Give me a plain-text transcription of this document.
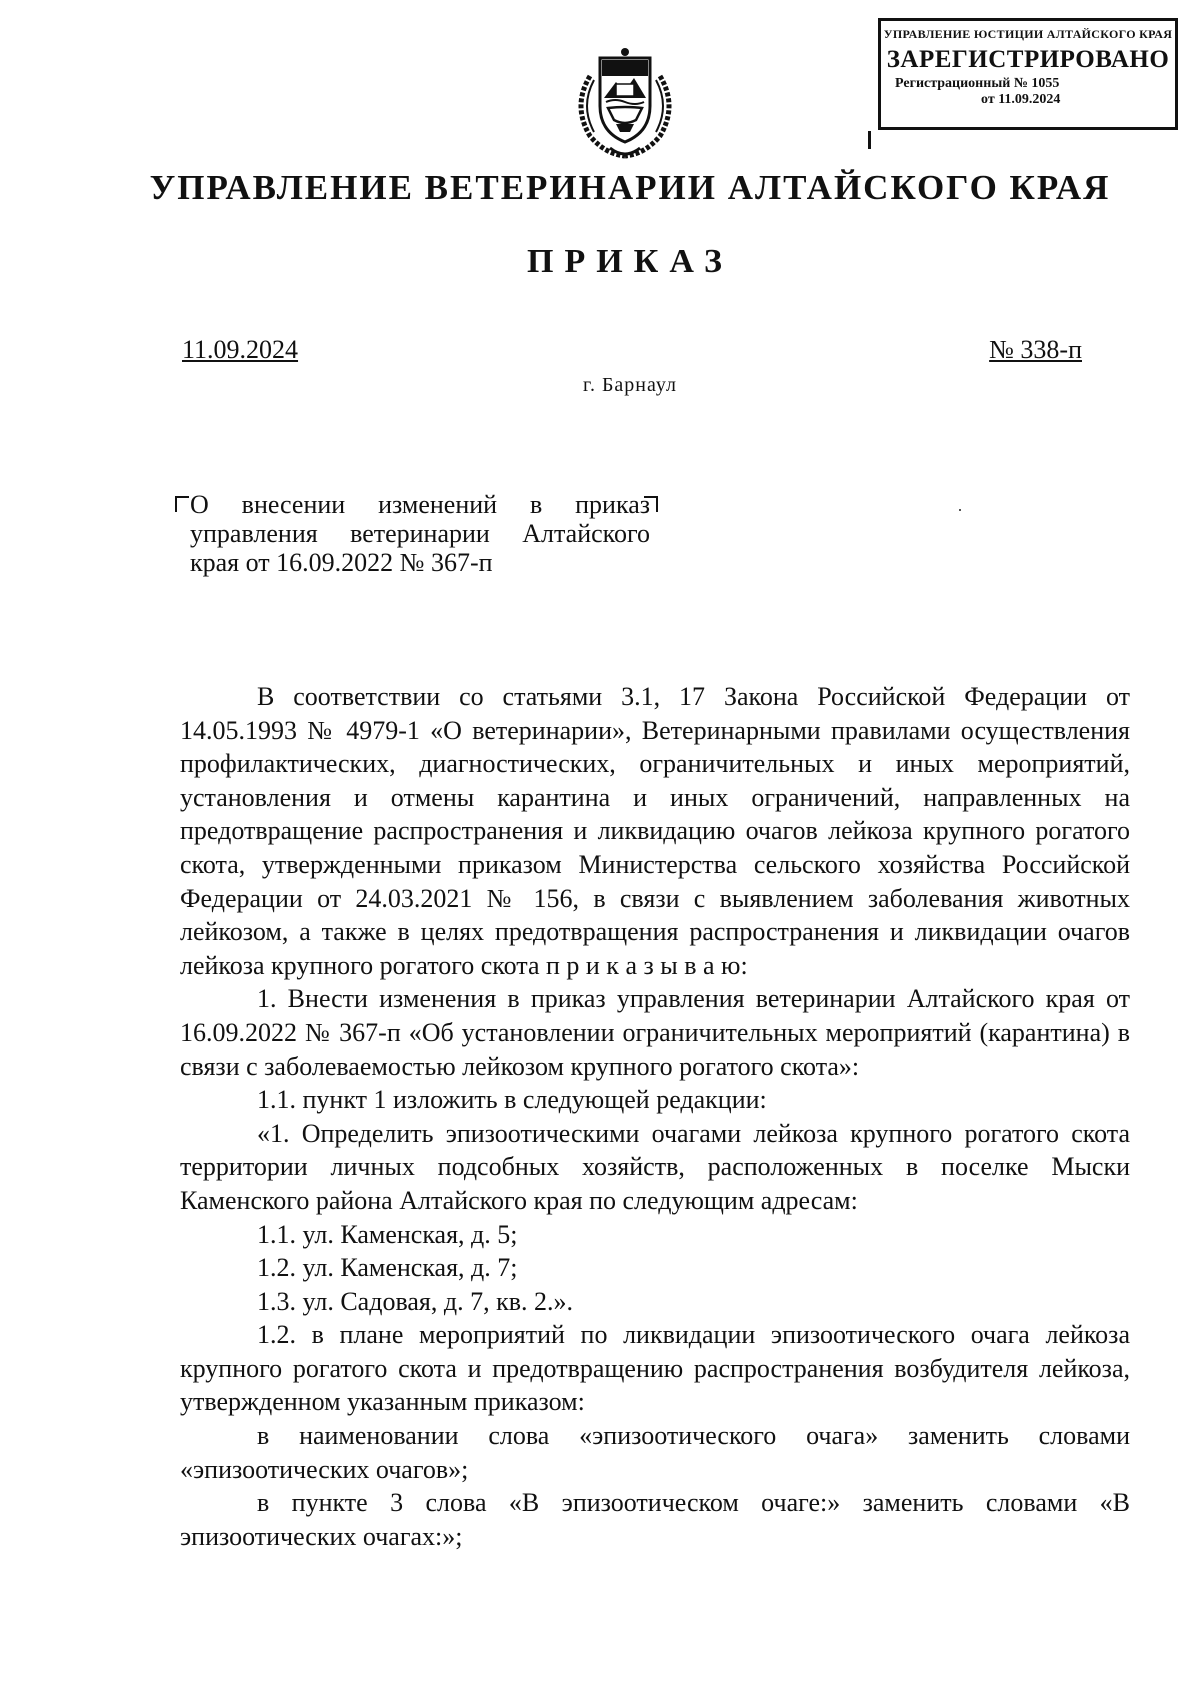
УПРАВЛЕНИЕ ЮСТИЦИИ АЛТАЙСКОГО КРАЯ
ЗАРЕГИСТРИРОВАНО
Регистрационный № 1055
от 11.09.2024
УПРАВЛЕНИЕ ВЕТЕРИНАРИИ АЛТАЙСКОГО КРАЯ
ПРИКАЗ
11.09.2024	№ 338-п
г. Барнаул
О внесении изменений в приказ
управления ветеринарии Алтайского
края от 16.09.2022 № 367-п

В соответствии со статьями 3.1, 17 Закона Российской Федерации от 14.05.1993 № 4979-1 «О ветеринарии», Ветеринарными правилами осуществления профилактических, диагностических, ограничительных и иных мероприятий, установления и отмены карантина и иных ограничений, направленных на предотвращение распространения и ликвидацию очагов лейкоза крупного рогатого скота, утвержденными приказом Министерства сельского хозяйства Российской Федерации от 24.03.2021 № 156, в связи с выявлением заболевания животных лейкозом, а также в целях предотвращения распространения и ликвидации очагов лейкоза крупного рогатого скота п р и к а з ы в а ю:

1. Внести изменения в приказ управления ветеринарии Алтайского края от 16.09.2022 № 367-п «Об установлении ограничительных мероприятий (карантина) в связи с заболеваемостью лейкозом крупного рогатого скота»:

1.1. пункт 1 изложить в следующей редакции:

«1. Определить эпизоотическими очагами лейкоза крупного рогатого скота территории личных подсобных хозяйств, расположенных в поселке Мыски Каменского района Алтайского края по следующим адресам:

1.1. ул. Каменская, д. 5;

1.2. ул. Каменская, д. 7;

1.3. ул. Садовая, д. 7, кв. 2.».

1.2. в плане мероприятий по ликвидации эпизоотического очага лейкоза крупного рогатого скота и предотвращению распространения возбудителя лейкоза, утвержденном указанным приказом:

в наименовании слова «эпизоотического очага» заменить словами «эпизоотических очагов»;

в пункте 3 слова «В эпизоотическом очаге:» заменить словами «В эпизоотических очагах:»;
